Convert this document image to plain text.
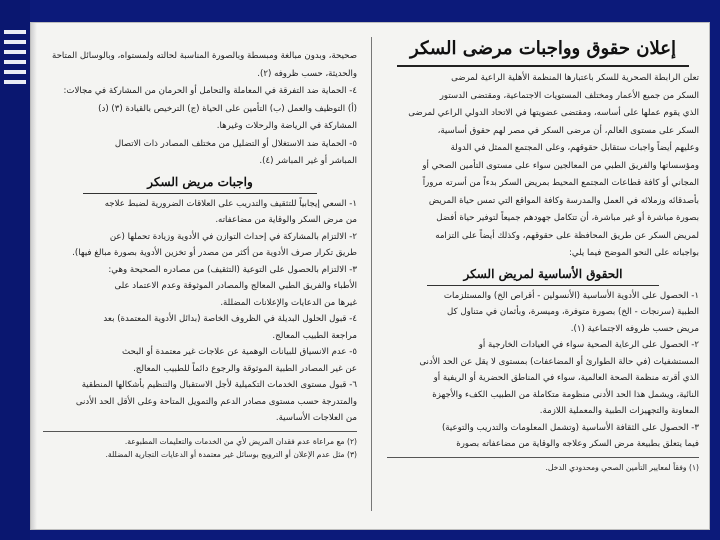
إعلان حقوق وواجبات مرضى السكر
تعلن الرابطة الصحرية للسكر باعتبارها المنظمة الأهلية الراعية لمرضى
السكر من جميع الأعمار ومختلف المستويات الاجتماعية، ومقتضى الدستور
الذي يقوم عملها على أساسه، ومقتضى عضويتها في الاتحاد الدولي الراعي لمرضى
السكر على مستوى العالم، أن مرضى السكر في مصر لهم حقوق أساسية،
وعليهم أيضاً واجبات ستقابل حقوقهم، وعلى المجتمع الممثل في الدولة
ومؤسساتها والفريق الطبي من المعالجين سواء على مستوى التأمين الصحي أو
المجاني أو كافة قطاعات المجتمع المحيط بمريض السكر بدءاً من أسرته مروراً
بأصدقائه وزملائه في العمل والمدرسة وكافة المواقع التي تمس حياة المريض
بصورة مباشرة أو غير مباشرة، أن تتكامل جهودهم جميعاً لتوفير حياة أفضل
لمريض السكر عن طريق المحافظة على حقوقهم، وكذلك أيضاً على التزامه
بواجباته على النحو الموضح فيما يلي:
الحقوق الأساسية لمريض السكر
١- الحصول على الأدوية الأساسية (الأنسولين - أقراص الخ) والمستلزمات
الطبية (سرنجات - الخ) بصورة متوفرة، وميسرة، وبأثمان في متناول كل
مريض حسب ظروفه الاجتماعية (١).
٢- الحصول على الرعاية الصحية سواء في العيادات الخارجية أو
المستشفيات (في حالة الطوارئ أو المضاعفات) بمستوى لا يقل عن الحد الأدنى
الذي أقرته منظمة الصحة العالمية، سواء في المناطق الحضرية أو الريفية أو
النائية، ويشمل هذا الحد الأدنى منظومة متكاملة من الطبيب الكفء والأجهزة
المعاونة والتجهيزات الطبية والمعملية اللازمة.
٣- الحصول على الثقافة الأساسية (وتشمل المعلومات والتدريب والتوعية)
فيما يتعلق بطبيعة مرض السكر وعلاجه والوقاية من مضاعفاته بصورة
(١) وفقاً لمعايير التأمين الصحي ومحدودي الدخل.
صحيحة، وبدون مبالغة ومبسطة وبالصورة المناسبة لحالته ولمستواه، وبالوسائل المتاحة
والحديثة، حسب ظروفه (٢).
٤- الحماية ضد التفرقة في المعاملة والتحامل أو الحرمان من المشاركة في مجالات:
(أ) التوظيف والعمل (ب) التأمين على الحياة (ج) الترخيص بالقيادة (٣) (د)
المشاركة في الرياضة والرحلات وغيرها.
٥- الحماية ضد الاستغلال أو التضليل من مختلف المصادر ذات الاتصال
المباشر أو غير المباشر (٤).
واجبات مريض السكر
١- السعي إيجابياً للتثقيف والتدريب على العلاقات الضرورية لضبط علاجه
من مرض السكر والوقاية من مضاعفاته.
٢- الالتزام بالمشاركة في إحداث التوازن في الأدوية وزيادة تحملها (عن
طريق تكرار صرف الأدوية من أكثر من مصدر أو تخزين الأدوية بصورة مبالغ فيها).
٣- الالتزام بالحصول على التوعية (التثقيف) من مصادره الصحيحة وهي:
الأطباء والفريق الطبي المعالج والمصادر الموثوقة وعدم الاعتماد على
غيرها من الدعايات والإعلانات المضللة.
٤- قبول الحلول البديلة في الظروف الخاصة (بدائل الأدوية المعتمدة) بعد
مراجعة الطبيب المعالج.
٥- عدم الانسياق للبيانات الوهمية عن علاجات غير معتمدة أو البحث
عن غير المصادر الطبية الموثوقة والرجوع دائماً للطبيب المعالج.
٦- قبول مستوى الخدمات التكميلية لأجل الاستقبال والتنظيم بأشكالها المنطقية
والمتدرجة حسب مستوى مصادر الدعم والتمويل المتاحة وعلى الأقل الحد الأدنى
من العلاجات الأساسية.
(٢) مع مراعاة عدم فقدان المريض لأي من الخدمات والتعليمات المطبوعة.
(٣) مثل عدم الإعلان أو الترويج بوسائل غير معتمدة أو الدعايات التجارية المضللة.
